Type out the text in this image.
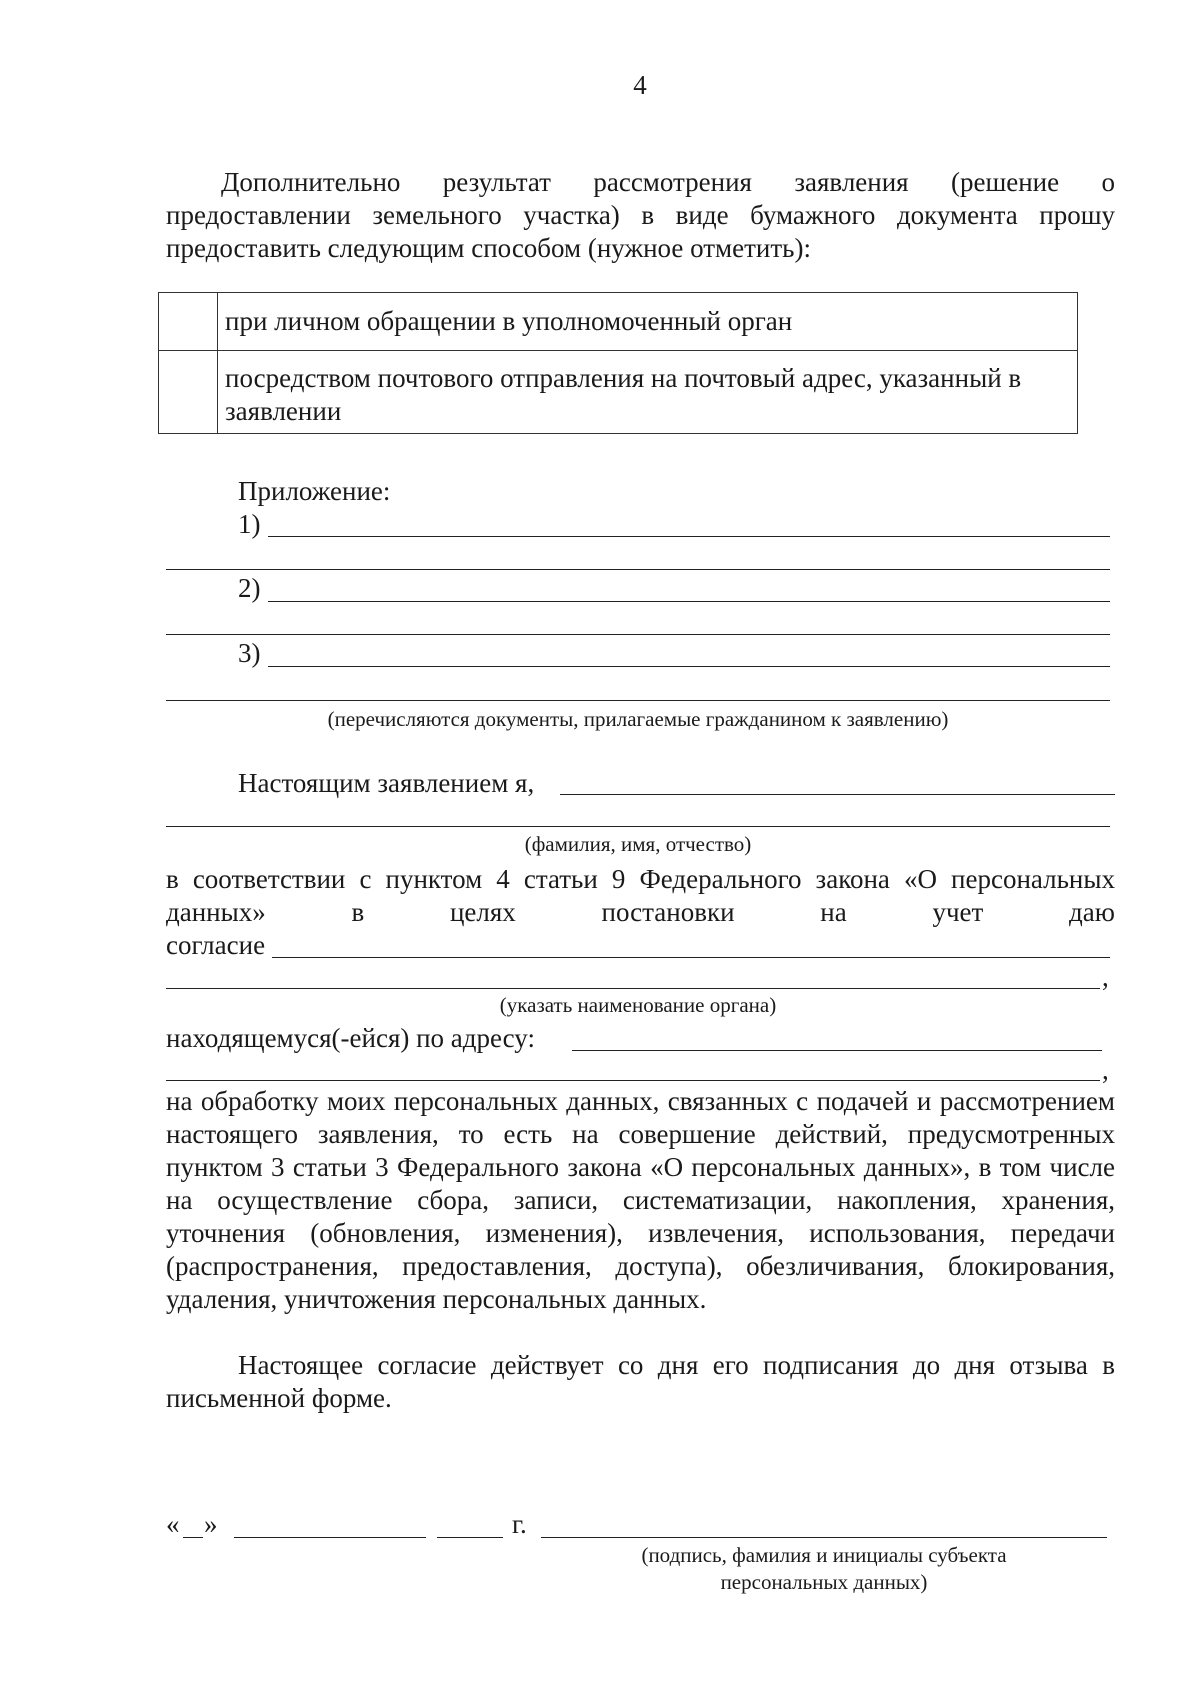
4
Дополнительно результат рассмотрения заявления (решение о
предоставлении земельного участка) в виде бумажного документа прошу
предоставить следующим способом (нужное отметить):
при личном обращении в уполномоченный орган
посредством почтового отправления на почтовый адрес, указанный в заявлении
Приложение:
1)
2)
3)
(перечисляются документы, прилагаемые гражданином к заявлению)
Настоящим заявлением я,
(фамилия, имя, отчество)
в соответствии с пунктом 4 статьи 9 Федерального закона «О персональных
данных»	в	целях	постановки	на	учет	даю
согласие
,
(указать наименование органа)
находящемуся(-ейся) по адресу:
,
на обработку моих персональных данных, связанных с подачей и рассмотрением настоящего заявления, то есть на совершение действий, предусмотренных пунктом 3 статьи 3 Федерального закона «О персональных данных», в том числе на осуществление сбора, записи, систематизации, накопления, хранения, уточнения (обновления, изменения), извлечения, использования, передачи (распространения, предоставления, доступа), обезличивания, блокирования, удаления, уничтожения персональных данных.
Настоящее согласие действует со дня его подписания до дня отзыва в письменной форме.
« »	г.
(подпись, фамилия и инициалы субъекта
персональных данных)
